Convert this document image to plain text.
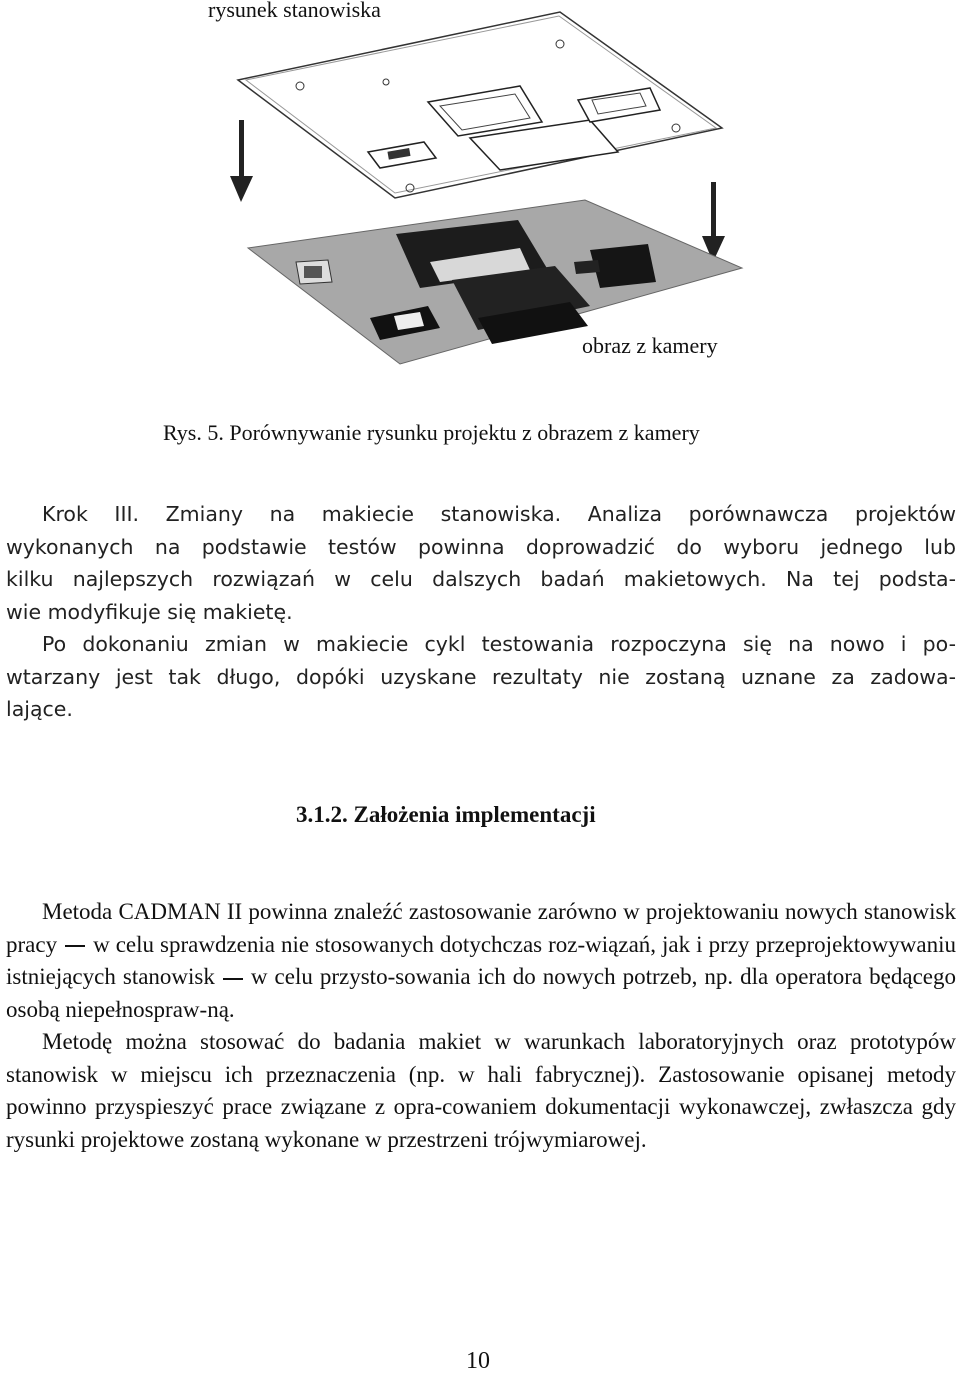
rysunek stanowiska
obraz z kamery
Rys. 5. Porównywanie rysunku projektu z obrazem z kamery
Krok III. Zmiany na makiecie stanowiska. Analiza porównawcza projektów
wykonanych na podstawie testów powinna doprowadzić do wyboru jednego lub
kilku najlepszych rozwiązań w celu dalszych badań makietowych. Na tej podsta-
wie modyfikuje się makietę.
Po dokonaniu zmian w makiecie cykl testowania rozpoczyna się na nowo i po-
wtarzany jest tak długo, dopóki uzyskane rezultaty nie zostaną uznane za zadowa-
lające.
3.1.2. Założenia implementacji

Metoda CADMAN II powinna znaleźć zastosowanie zarówno w projektowaniu nowych stanowisk pracy w celu sprawdzenia nie stosowanych dotychczas roz-wiązań, jak i przy przeprojektowywaniu istniejących stanowisk w celu przysto-sowania ich do nowych potrzeb, np. dla operatora będącego osobą niepełnospraw-ną.

Metodę można stosować do badania makiet w warunkach laboratoryjnych oraz prototypów stanowisk w miejscu ich przeznaczenia (np. w hali fabrycznej). Zastosowanie opisanej metody powinno przyspieszyć prace związane z opra-cowaniem dokumentacji wykonawczej, zwłaszcza gdy rysunki projektowe zostaną wykonane w przestrzeni trójwymiarowej.

10
